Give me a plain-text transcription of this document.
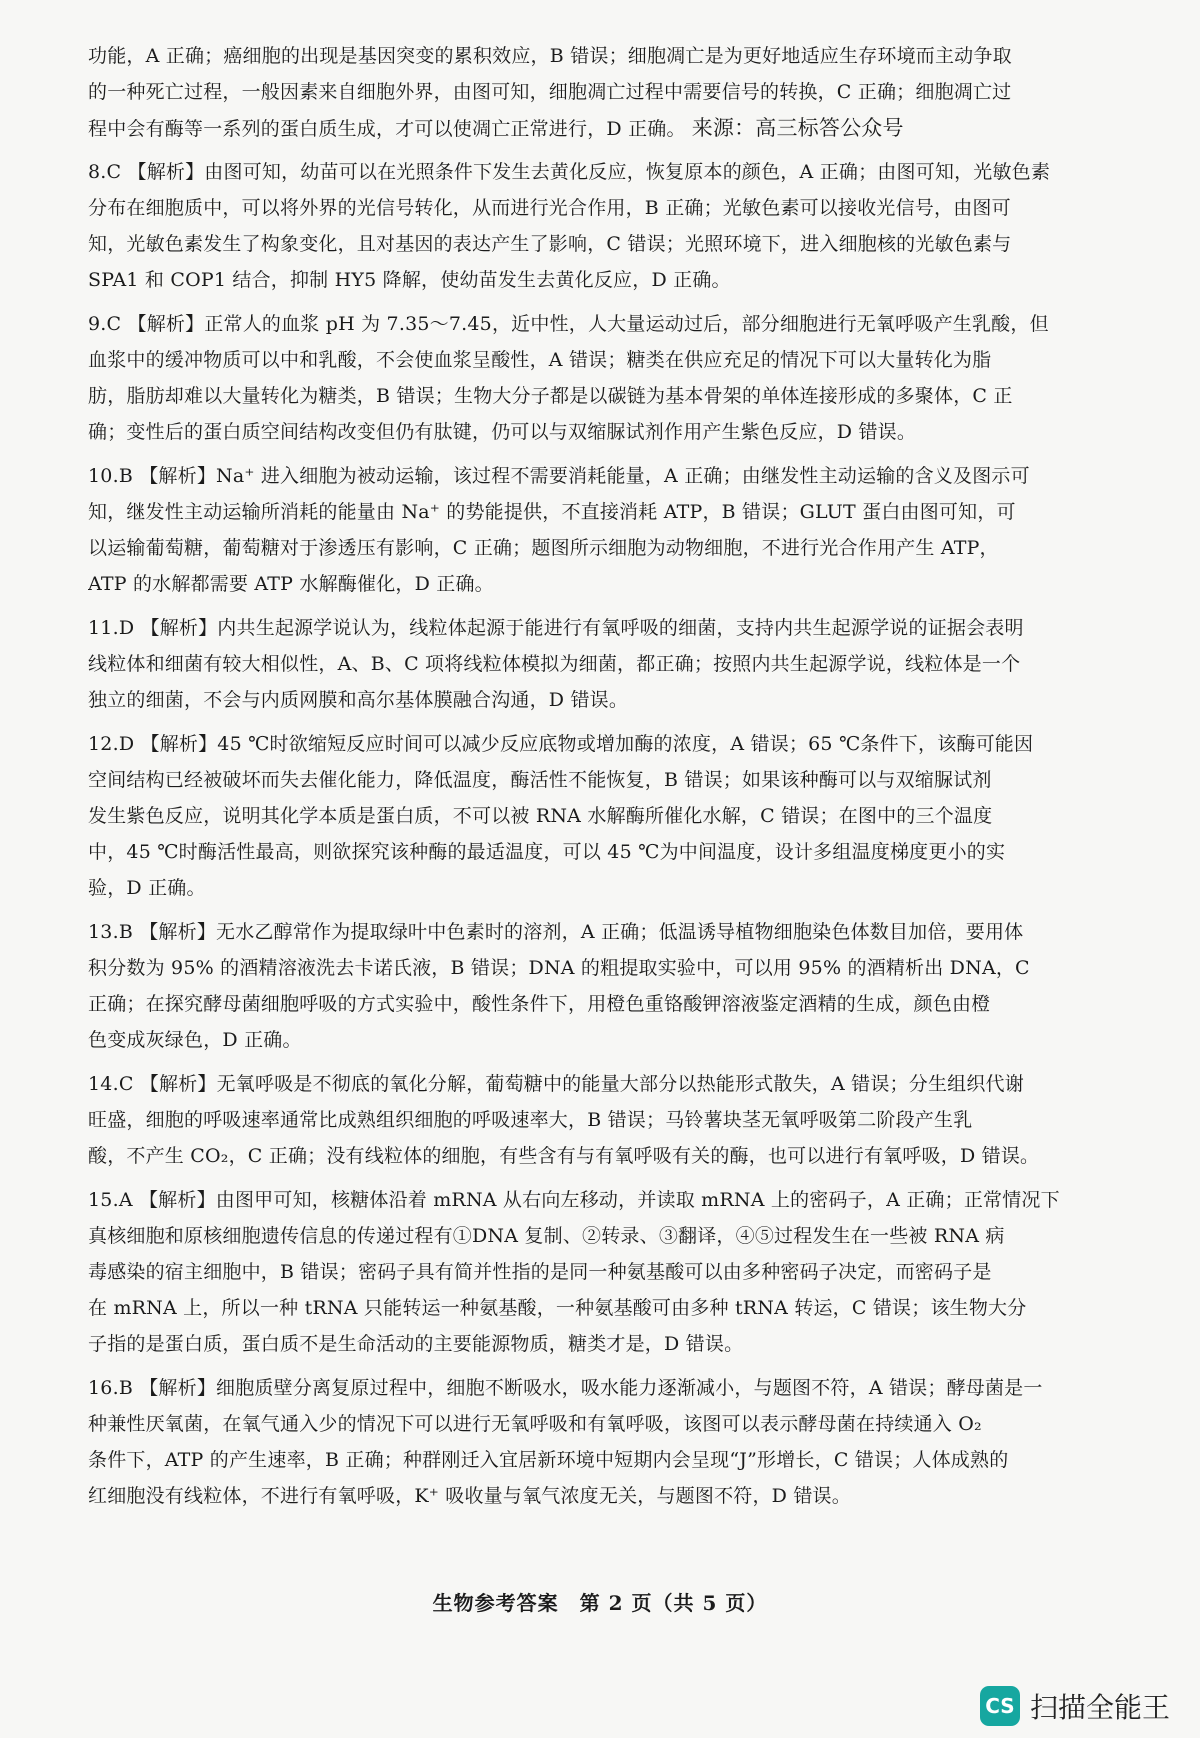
功能，A 正确；癌细胞的出现是基因突变的累积效应，B 错误；细胞凋亡是为更好地适应生存环境而主动争取
的一种死亡过程，一般因素来自细胞外界，由图可知，细胞凋亡过程中需要信号的转换，C 正确；细胞凋亡过
程中会有酶等一系列的蛋白质生成，才可以使凋亡正常进行，D 正确。 来源：高三标答公众号
8.C 【解析】由图可知，幼苗可以在光照条件下发生去黄化反应，恢复原本的颜色，A 正确；由图可知，光敏色素
分布在细胞质中，可以将外界的光信号转化，从而进行光合作用，B 正确；光敏色素可以接收光信号，由图可
知，光敏色素发生了构象变化，且对基因的表达产生了影响，C 错误；光照环境下，进入细胞核的光敏色素与
SPA1 和 COP1 结合，抑制 HY5 降解，使幼苗发生去黄化反应，D 正确。
9.C 【解析】正常人的血浆 pH 为 7.35～7.45，近中性，人大量运动过后，部分细胞进行无氧呼吸产生乳酸，但
血浆中的缓冲物质可以中和乳酸，不会使血浆呈酸性，A 错误；糖类在供应充足的情况下可以大量转化为脂
肪，脂肪却难以大量转化为糖类，B 错误；生物大分子都是以碳链为基本骨架的单体连接形成的多聚体，C 正
确；变性后的蛋白质空间结构改变但仍有肽键，仍可以与双缩脲试剂作用产生紫色反应，D 错误。
10.B 【解析】Na⁺ 进入细胞为被动运输，该过程不需要消耗能量，A 正确；由继发性主动运输的含义及图示可
知，继发性主动运输所消耗的能量由 Na⁺ 的势能提供，不直接消耗 ATP，B 错误；GLUT 蛋白由图可知，可
以运输葡萄糖，葡萄糖对于渗透压有影响，C 正确；题图所示细胞为动物细胞，不进行光合作用产生 ATP，
ATP 的水解都需要 ATP 水解酶催化，D 正确。
11.D 【解析】内共生起源学说认为，线粒体起源于能进行有氧呼吸的细菌，支持内共生起源学说的证据会表明
线粒体和细菌有较大相似性，A、B、C 项将线粒体模拟为细菌，都正确；按照内共生起源学说，线粒体是一个
独立的细菌，不会与内质网膜和高尔基体膜融合沟通，D 错误。
12.D 【解析】45 ℃时欲缩短反应时间可以减少反应底物或增加酶的浓度，A 错误；65 ℃条件下，该酶可能因
空间结构已经被破坏而失去催化能力，降低温度，酶活性不能恢复，B 错误；如果该种酶可以与双缩脲试剂
发生紫色反应，说明其化学本质是蛋白质，不可以被 RNA 水解酶所催化水解，C 错误；在图中的三个温度
中，45 ℃时酶活性最高，则欲探究该种酶的最适温度，可以 45 ℃为中间温度，设计多组温度梯度更小的实
验，D 正确。
13.B 【解析】无水乙醇常作为提取绿叶中色素时的溶剂，A 正确；低温诱导植物细胞染色体数目加倍，要用体
积分数为 95% 的酒精溶液洗去卡诺氏液，B 错误；DNA 的粗提取实验中，可以用 95% 的酒精析出 DNA，C
正确；在探究酵母菌细胞呼吸的方式实验中，酸性条件下，用橙色重铬酸钾溶液鉴定酒精的生成，颜色由橙
色变成灰绿色，D 正确。
14.C 【解析】无氧呼吸是不彻底的氧化分解，葡萄糖中的能量大部分以热能形式散失，A 错误；分生组织代谢
旺盛，细胞的呼吸速率通常比成熟组织细胞的呼吸速率大，B 错误；马铃薯块茎无氧呼吸第二阶段产生乳
酸，不产生 CO₂，C 正确；没有线粒体的细胞，有些含有与有氧呼吸有关的酶，也可以进行有氧呼吸，D 错误。
15.A 【解析】由图甲可知，核糖体沿着 mRNA 从右向左移动，并读取 mRNA 上的密码子，A 正确；正常情况下
真核细胞和原核细胞遗传信息的传递过程有①DNA 复制、②转录、③翻译，④⑤过程发生在一些被 RNA 病
毒感染的宿主细胞中，B 错误；密码子具有简并性指的是同一种氨基酸可以由多种密码子决定，而密码子是
在 mRNA 上，所以一种 tRNA 只能转运一种氨基酸，一种氨基酸可由多种 tRNA 转运，C 错误；该生物大分
子指的是蛋白质，蛋白质不是生命活动的主要能源物质，糖类才是，D 错误。
16.B 【解析】细胞质壁分离复原过程中，细胞不断吸水，吸水能力逐渐减小，与题图不符，A 错误；酵母菌是一
种兼性厌氧菌，在氧气通入少的情况下可以进行无氧呼吸和有氧呼吸，该图可以表示酵母菌在持续通入 O₂
条件下，ATP 的产生速率，B 正确；种群刚迁入宜居新环境中短期内会呈现“J”形增长，C 错误；人体成熟的
红细胞没有线粒体，不进行有氧呼吸，K⁺ 吸收量与氧气浓度无关，与题图不符，D 错误。
生物参考答案　第 2 页（共 5 页）
CS 扫描全能王
